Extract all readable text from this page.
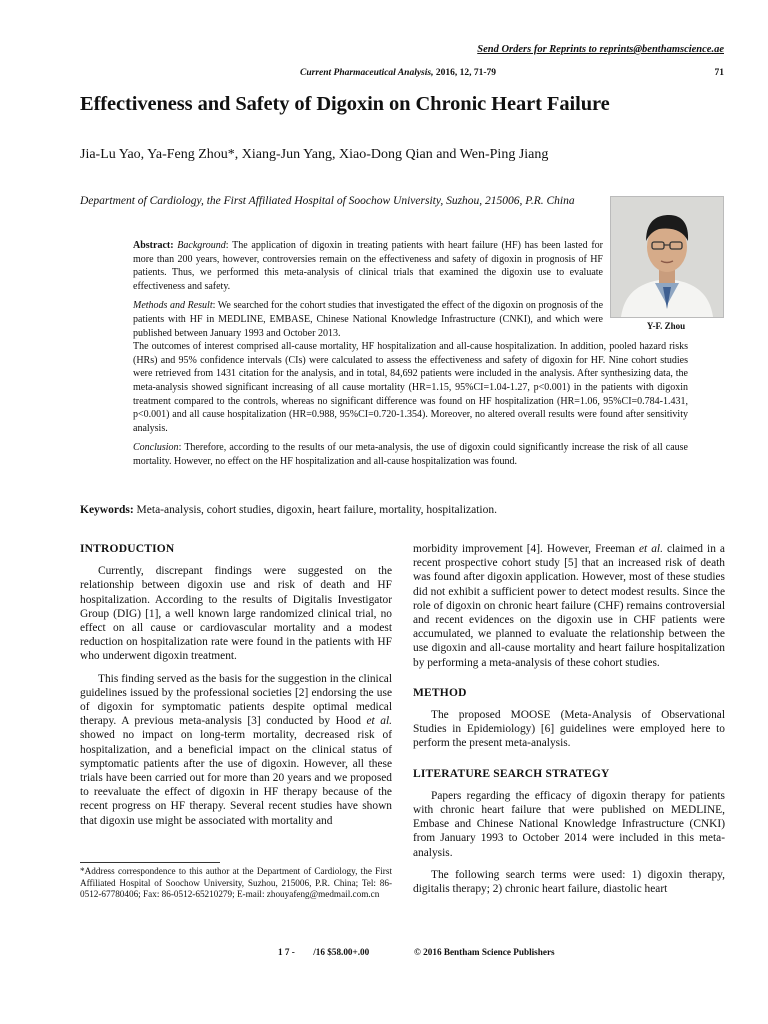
Send Orders for Reprints to reprints@benthamscience.ae
Current Pharmaceutical Analysis, 2016, 12, 71-79	71
Effectiveness and Safety of Digoxin on Chronic Heart Failure
Jia-Lu Yao, Ya-Feng Zhou*, Xiang-Jun Yang, Xiao-Dong Qian and Wen-Ping Jiang
Department of Cardiology, the First Affiliated Hospital of Soochow University, Suzhou, 215006, P.R. China
Y-F. Zhou

Abstract: Background: The application of digoxin in treating patients with heart failure (HF) has been lasted for more than 200 years, however, controversies remain on the effectiveness and safety of digoxin in prognosis of HF patients. Thus, we performed this meta-analysis of clinical trials that examined the digoxin use to evaluate effectiveness and safety.

Methods and Result: We searched for the cohort studies that investigated the effect of the digoxin on prognosis of the patients with HF in MEDLINE, EMBASE, Chinese National Knowledge Infrastructure (CNKI), and which were published between January 1993 and October 2013.

The outcomes of interest comprised all-cause mortality, HF hospitalization and all-cause hospitalization. In addition, pooled hazard risks (HRs) and 95% confidence intervals (CIs) were calculated to assess the effectiveness and safety of digoxin for HF. Nine cohort studies were retrieved from 1431 citation for the analysis, and in total, 84,692 patients were included in the analysis. After synthesizing data, the meta-analysis showed significant increasing of all cause mortality (HR=1.15, 95%CI=1.04-1.27, p<0.001) in the patients with digoxin treatment compared to the controls, whereas no significant difference was found on HF hospitalization (HR=1.06, 95%CI=0.784-1.431, p<0.001) and all cause hospitalization (HR=0.988, 95%CI=0.720-1.354). Moreover, no altered overall results were found after sensitivity analysis.

Conclusion: Therefore, according to the results of our meta-analysis, the use of digoxin could significantly increase the risk of all cause mortality. However, no effect on the HF hospitalization and all-cause hospitalization was found.

Keywords: Meta-analysis, cohort studies, digoxin, heart failure, mortality, hospitalization.
INTRODUCTION

Currently, discrepant findings were suggested on the relationship between digoxin use and risk of death and HF hospitalization. According to the results of Digitalis Investigator Group (DIG) [1], a well known large randomized clinical trial, no effect on all cause or cardiovascular mortality and a modest reduction on hospitalization rate were found in the patients with HF who underwent digoxin treatment.

This finding served as the basis for the suggestion in the clinical guidelines issued by the professional societies [2] endorsing the use of digoxin for symptomatic patients despite optimal medical therapy. A previous meta-analysis [3] conducted by Hood et al. showed no impact on long-term mortality, decreased risk of hospitalization, and a beneficial impact on the clinical status of symptomatic patients after the use of digoxin. However, all these trials have been carried out for more than 20 years and we proposed to reevaluate the effect of digoxin in HF therapy because of the recent progress on HF therapy. Several recent studies have shown that digoxin use might be associated with mortality and

morbidity improvement [4]. However, Freeman et al. claimed in a recent prospective cohort study [5] that an increased risk of death was found after digoxin application. However, most of these studies did not exhibit a sufficient power to detect modest results. Since the role of digoxin on chronic heart failure (CHF) remains controversial and recent evidences on the digoxin use in CHF patients were accumulated, we planned to evaluate the relationship between the use digoxin and all-cause mortality and heart failure hospitalization by performing a meta-analysis of these cohort studies.

METHOD

The proposed MOOSE (Meta-Analysis of Observational Studies in Epidemiology) [6] guidelines were employed here to perform the present meta-analysis.

LITERATURE SEARCH STRATEGY

Papers regarding the efficacy of digoxin therapy for patients with chronic heart failure that were published on MEDLINE, Embase and Chinese National Knowledge Infrastructure (CNKI) from January 1993 to October 2014 were included in this meta-analysis.

The following search terms were used: 1) digoxin therapy, digitalis therapy; 2) chronic heart failure, diastolic heart

*Address correspondence to this author at the Department of Cardiology, the First Affiliated Hospital of Soochow University, Suzhou, 215006, P.R. China; Tel: 86-0512-67780406; Fax: 86-0512-65210279; E-mail: zhouyafeng@medmail.com.cn
1 7 -        /16 $58.00+.00	© 2016 Bentham Science Publishers
